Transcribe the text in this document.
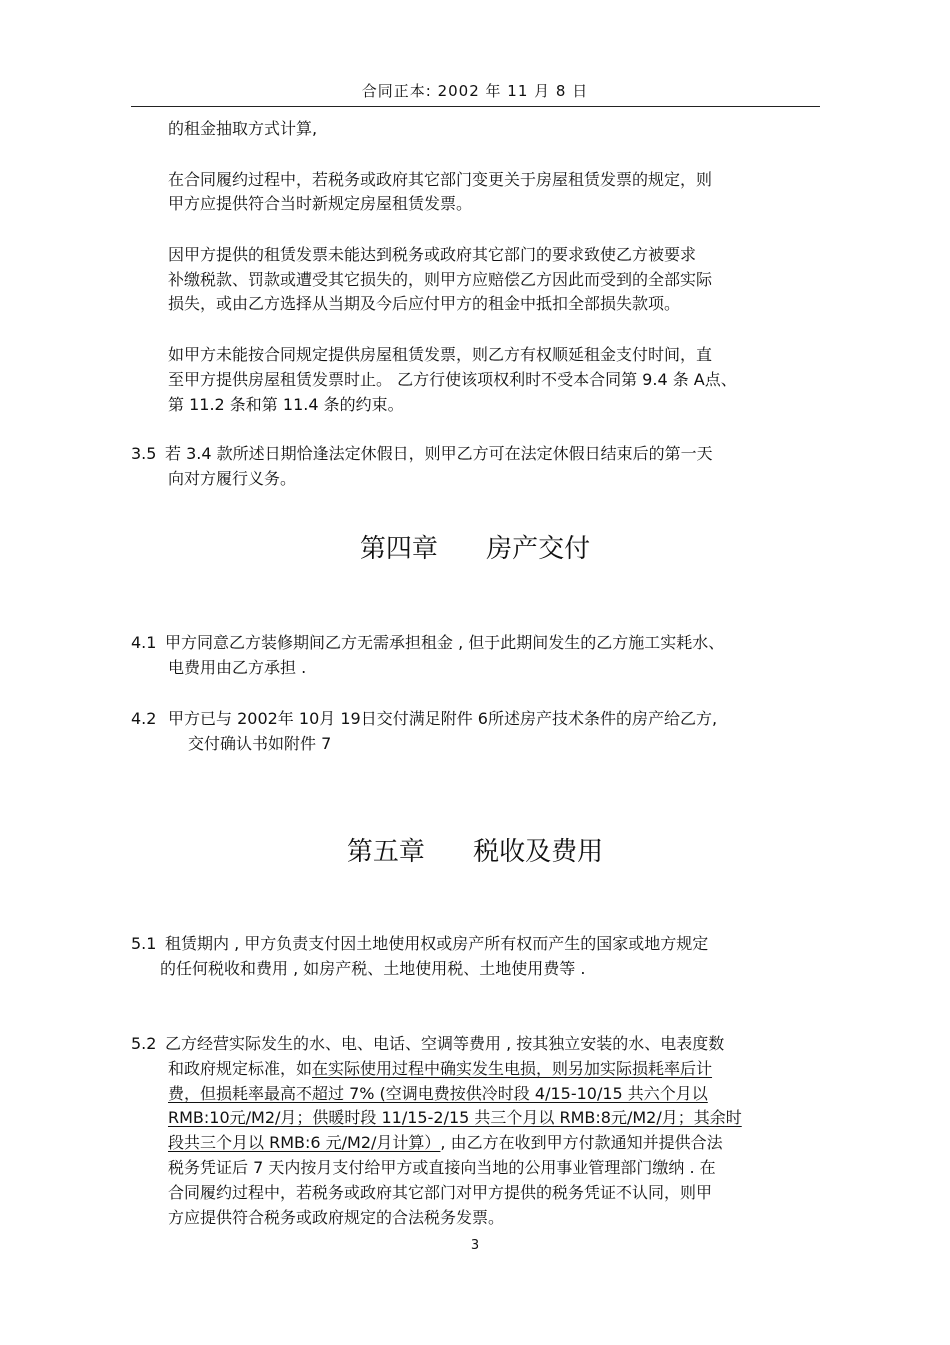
合同正本: 2002 年 11 月 8 日
的租金抽取方式计算,
在合同履约过程中，若税务或政府其它部门变更关于房屋租赁发票的规定，则
甲方应提供符合当时新规定房屋租赁发票。
因甲方提供的租赁发票未能达到税务或政府其它部门的要求致使乙方被要求
补缴税款、罚款或遭受其它损失的，则甲方应赔偿乙方因此而受到的全部实际
损失，或由乙方选择从当期及今后应付甲方的租金中抵扣全部损失款项。
如甲方未能按合同规定提供房屋租赁发票，则乙方有权顺延租金支付时间，直
至甲方提供房屋租赁发票时止。 乙方行使该项权利时不受本合同第 9.4 条 A点、
第 11.2 条和第 11.4 条的约束。
3.5 若 3.4 款所述日期恰逢法定休假日，则甲乙方可在法定休假日结束后的第一天
向对方履行义务。
第四章 房产交付
4.1 甲方同意乙方装修期间乙方无需承担租金 , 但于此期间发生的乙方施工实耗水、
电费用由乙方承担 .
4.2 甲方已与 2002年 10月 19日交付满足附件 6所述房产技术条件的房产给乙方,
交付确认书如附件 7
第五章 税收及费用
5.1 租赁期内 , 甲方负责支付因土地使用权或房产所有权而产生的国家或地方规定
的任何税收和费用 , 如房产税、土地使用税、土地使用费等 .
5.2 乙方经营实际发生的水、电、电话、空调等费用 , 按其独立安装的水、电表度数
和政府规定标准，如在实际使用过程中确实发生电损，则另加实际损耗率后计
费，但损耗率最高不超过 7% (空调电费按供冷时段 4/15-10/15 共六个月以
RMB:10元/M2/月；供暖时段 11/15-2/15 共三个月以 RMB:8元/M2/月；其余时
段共三个月以 RMB:6 元/M2/月计算）, 由乙方在收到甲方付款通知并提供合法
税务凭证后 7 天内按月支付给甲方或直接向当地的公用事业管理部门缴纳 . 在
合同履约过程中，若税务或政府其它部门对甲方提供的税务凭证不认同，则甲
方应提供符合税务或政府规定的合法税务发票。
3
